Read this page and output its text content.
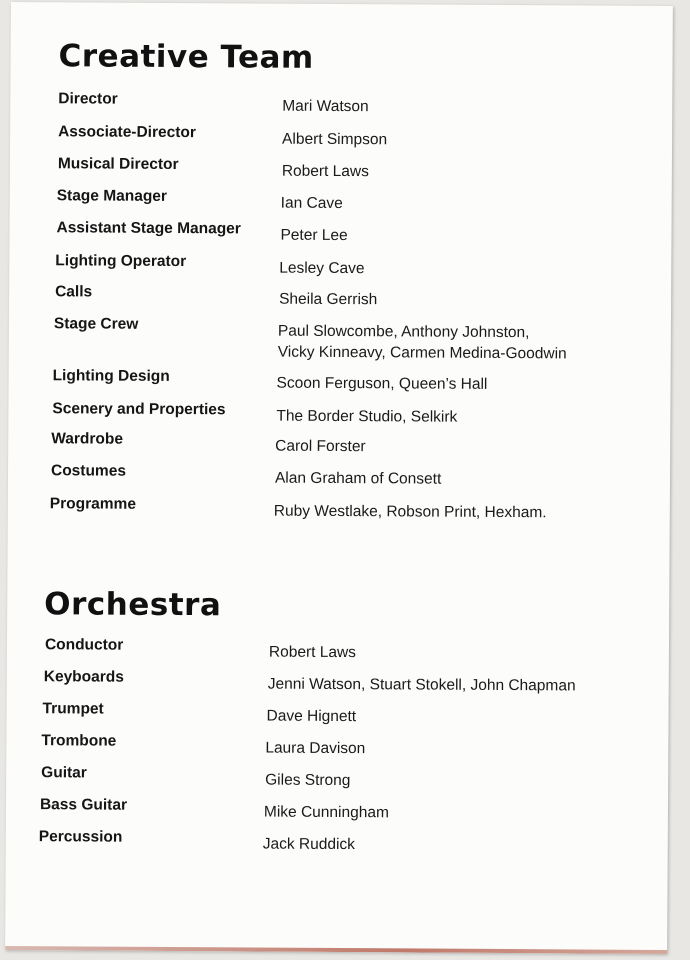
Creative Team
Director	Mari Watson
Associate-Director	Albert Simpson
Musical Director	Robert Laws
Stage Manager	Ian Cave
Assistant Stage Manager	Peter Lee
Lighting Operator	Lesley Cave
Calls	Sheila Gerrish
Stage Crew	Paul Slowcombe, Anthony Johnston,
Vicky Kinneavy, Carmen Medina-Goodwin
Lighting Design	Scoon Ferguson, Queen’s Hall
Scenery and Properties	The Border Studio, Selkirk
Wardrobe	Carol Forster
Costumes	Alan Graham of Consett
Programme	Ruby Westlake, Robson Print, Hexham.
Orchestra
Conductor	Robert Laws
Keyboards	Jenni Watson, Stuart Stokell, John Chapman
Trumpet	Dave Hignett
Trombone	Laura Davison
Guitar	Giles Strong
Bass Guitar	Mike Cunningham
Percussion	Jack Ruddick
